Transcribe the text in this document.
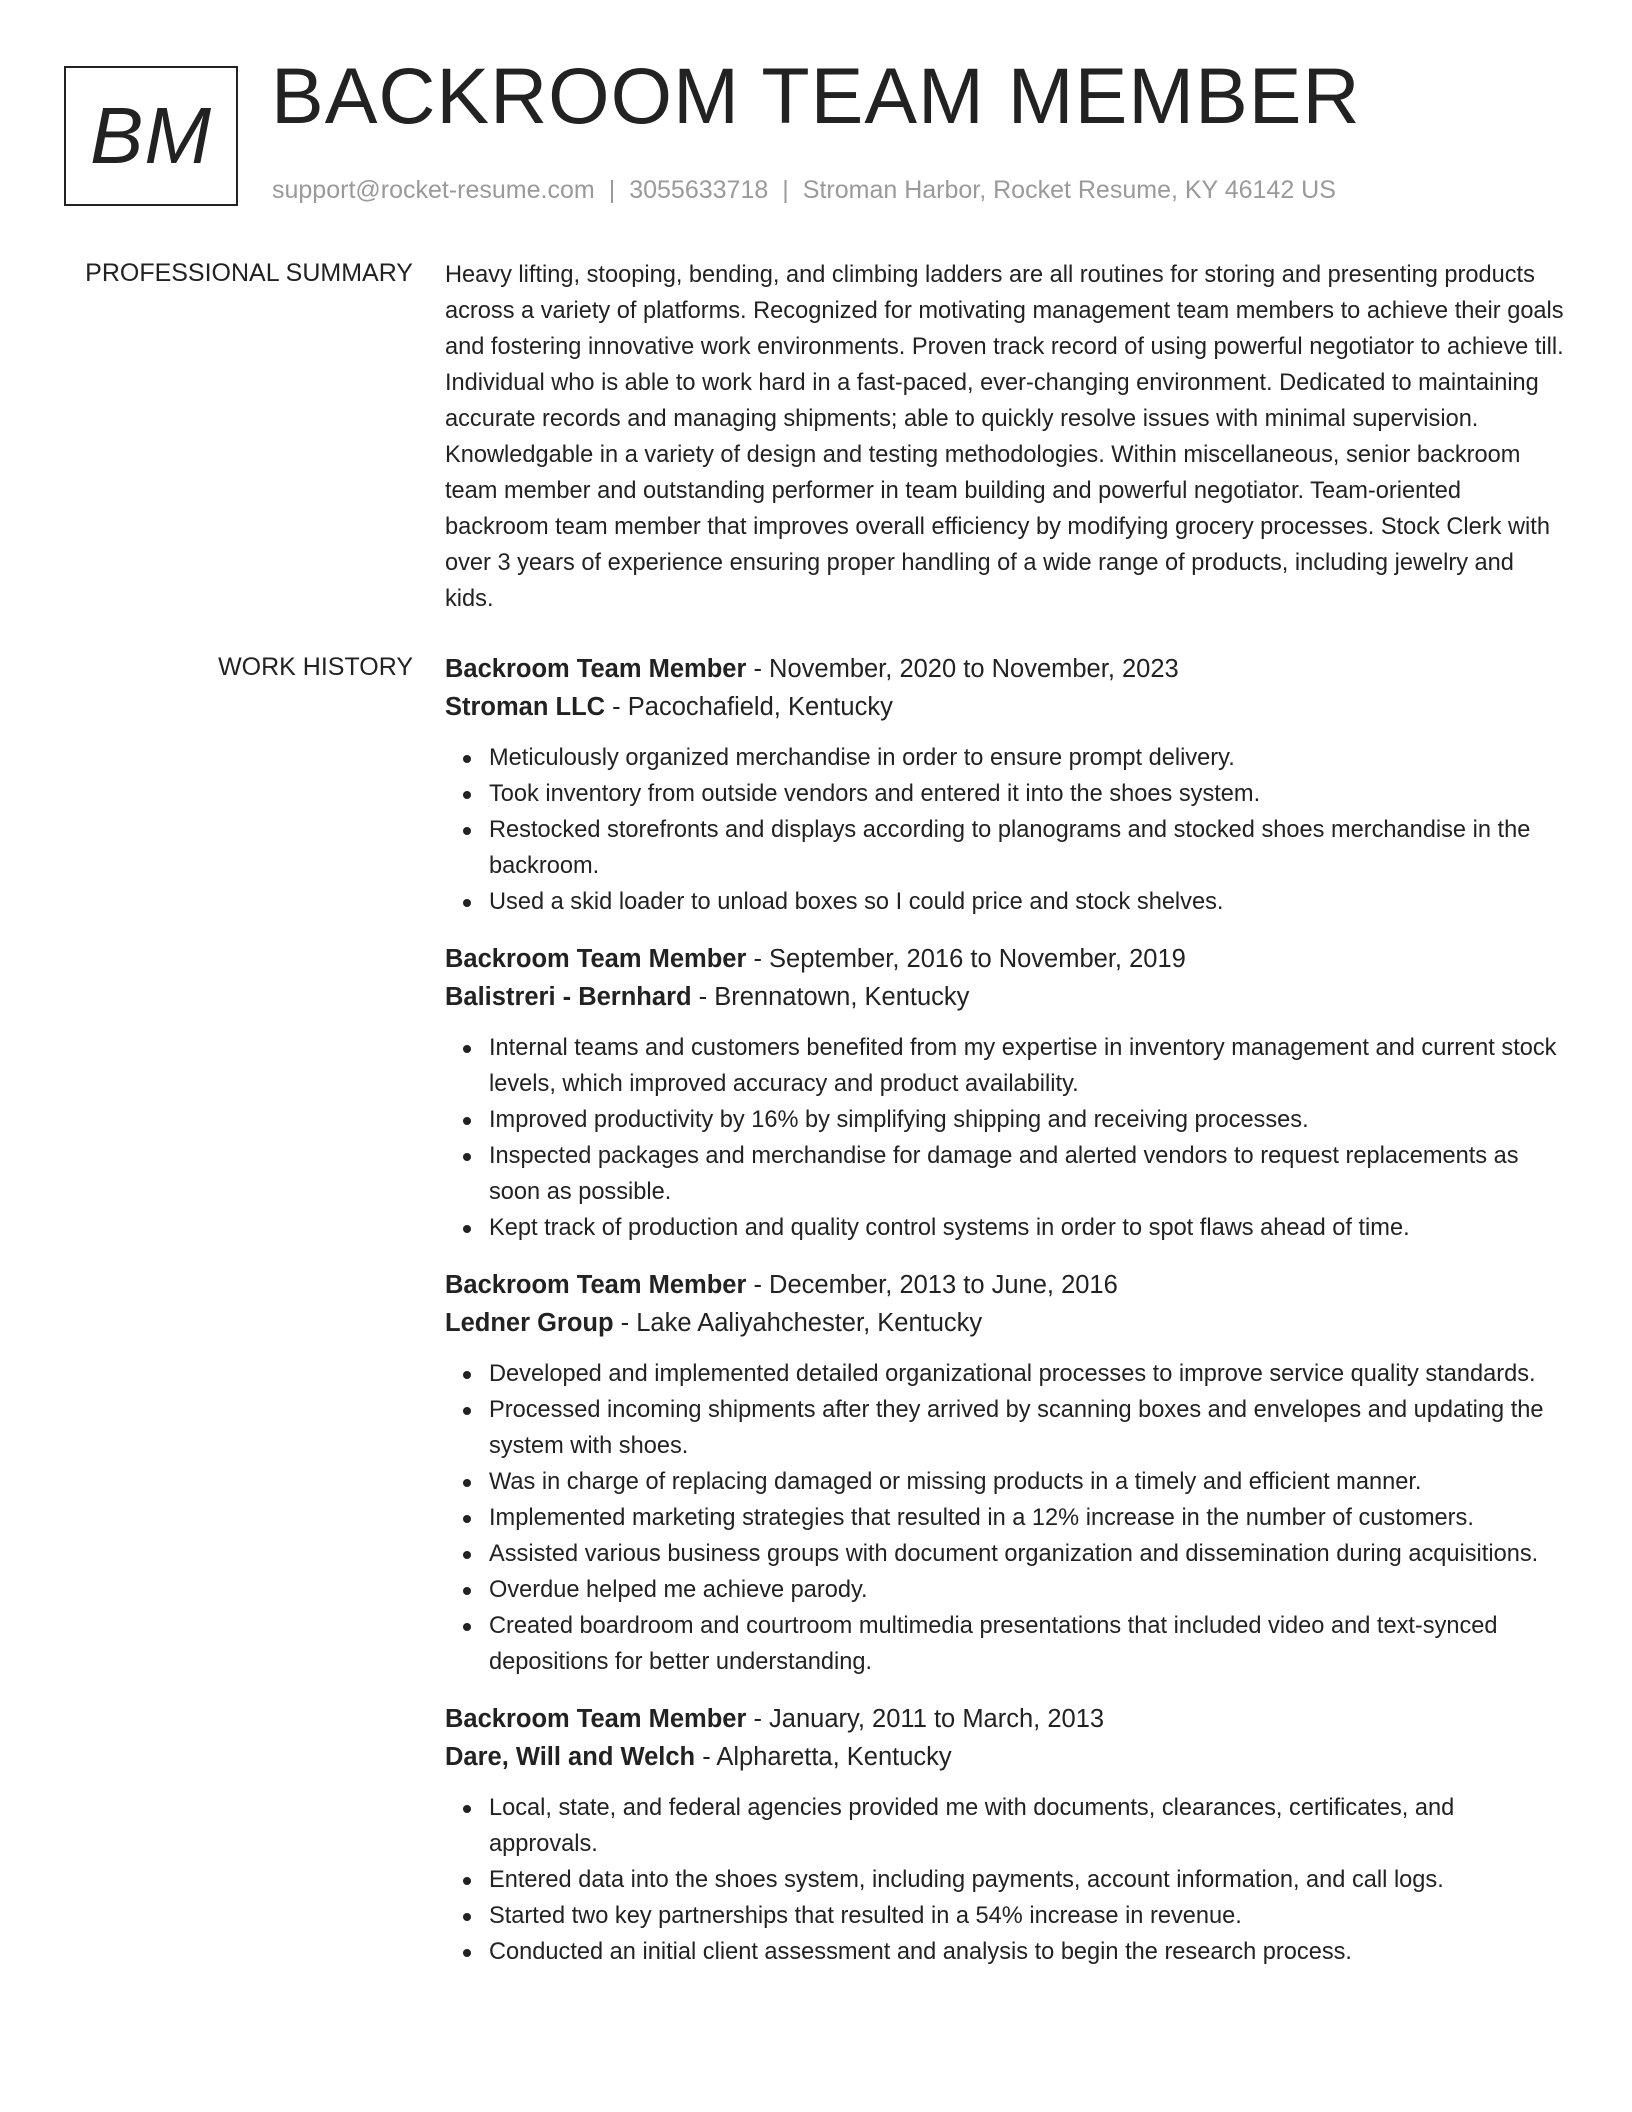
BM BACKROOM TEAM MEMBER
support@rocket-resume.com | 3055633718 | Stroman Harbor, Rocket Resume, KY 46142 US
PROFESSIONAL SUMMARY Heavy lifting, stooping, bending, and climbing ladders are all routines for storing and presenting products across a variety of platforms. Recognized for motivating management team members to achieve their goals and fostering innovative work environments. Proven track record of using powerful negotiator to achieve till. Individual who is able to work hard in a fast-paced, ever-changing environment. Dedicated to maintaining accurate records and managing shipments; able to quickly resolve issues with minimal supervision. Knowledgable in a variety of design and testing methodologies. Within miscellaneous, senior backroom team member and outstanding performer in team building and powerful negotiator. Team-oriented backroom team member that improves overall efficiency by modifying grocery processes. Stock Clerk with over 3 years of experience ensuring proper handling of a wide range of products, including jewelry and kids.

WORK HISTORY Backroom Team Member - November, 2020 to November, 2023
Stroman LLC - Pacochafield, Kentucky
Meticulously organized merchandise in order to ensure prompt delivery.
Took inventory from outside vendors and entered it into the shoes system.
Restocked storefronts and displays according to planograms and stocked shoes merchandise in the backroom.
Used a skid loader to unload boxes so I could price and stock shelves.
Backroom Team Member - September, 2016 to November, 2019
Balistreri - Bernhard - Brennatown, Kentucky
Internal teams and customers benefited from my expertise in inventory management and current stock levels, which improved accuracy and product availability.
Improved productivity by 16% by simplifying shipping and receiving processes.
Inspected packages and merchandise for damage and alerted vendors to request replacements as soon as possible.
Kept track of production and quality control systems in order to spot flaws ahead of time.
Backroom Team Member - December, 2013 to June, 2016
Ledner Group - Lake Aaliyahchester, Kentucky
Developed and implemented detailed organizational processes to improve service quality standards.
Processed incoming shipments after they arrived by scanning boxes and envelopes and updating the system with shoes.
Was in charge of replacing damaged or missing products in a timely and efficient manner.
Implemented marketing strategies that resulted in a 12% increase in the number of customers.
Assisted various business groups with document organization and dissemination during acquisitions.
Overdue helped me achieve parody.
Created boardroom and courtroom multimedia presentations that included video and text-synced depositions for better understanding.
Backroom Team Member - January, 2011 to March, 2013
Dare, Will and Welch - Alpharetta, Kentucky
Local, state, and federal agencies provided me with documents, clearances, certificates, and approvals.
Entered data into the shoes system, including payments, account information, and call logs.
Started two key partnerships that resulted in a 54% increase in revenue.
Conducted an initial client assessment and analysis to begin the research process.
